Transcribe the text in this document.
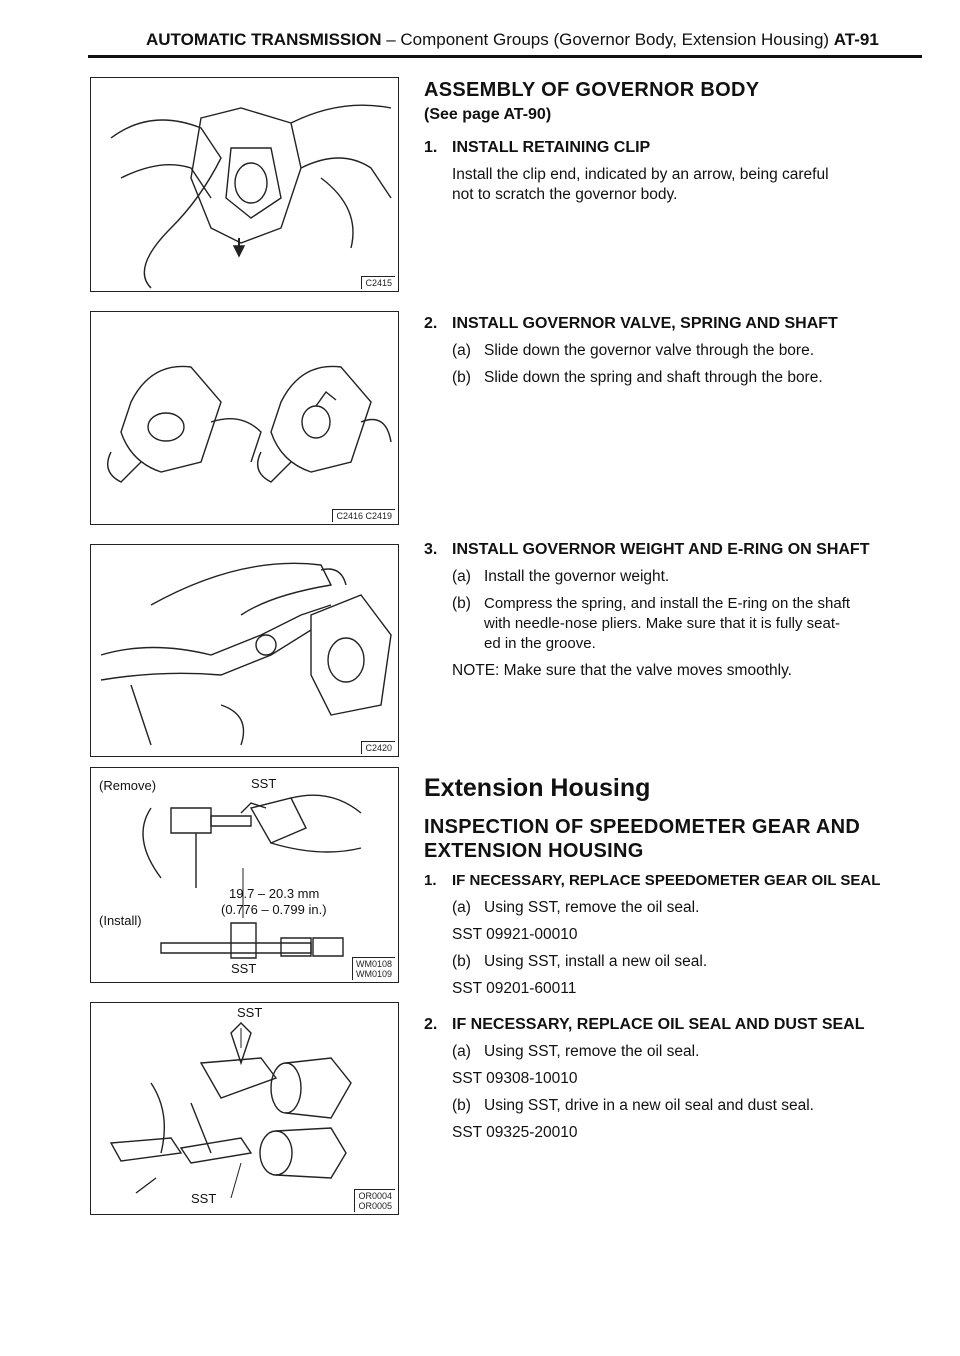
AUTOMATIC TRANSMISSION – Component Groups (Governor Body, Extension Housing) AT-91
C2415
C2416 C2419
C2420
(Remove)	SST
19.7 – 20.3 mm
(0.776 – 0.799 in.)
(Install)
SST	WM0108
WM0109
SST
SST	OR0004
OR0005
ASSEMBLY OF GOVERNOR BODY
(See page AT-90)
1. INSTALL RETAINING CLIP
Install the clip end, indicated by an arrow, being careful
not to scratch the governor body.
2. INSTALL GOVERNOR VALVE, SPRING AND SHAFT
(a) Slide down the governor valve through the bore.
(b) Slide down the spring and shaft through the bore.
3. INSTALL GOVERNOR WEIGHT AND E-RING ON SHAFT
(a) Install the governor weight.
(b) Compress the spring, and install the E-ring on the shaft
with needle-nose pliers. Make sure that it is fully seat-
ed in the groove.
NOTE: Make sure that the valve moves smoothly.
Extension Housing
INSPECTION OF SPEEDOMETER GEAR AND
EXTENSION HOUSING
1. IF NECESSARY, REPLACE SPEEDOMETER GEAR OIL SEAL
(a) Using SST, remove the oil seal.
SST 09921-00010
(b) Using SST, install a new oil seal.
SST 09201-60011
2. IF NECESSARY, REPLACE OIL SEAL AND DUST SEAL
(a) Using SST, remove the oil seal.
SST 09308-10010
(b) Using SST, drive in a new oil seal and dust seal.
SST 09325-20010
